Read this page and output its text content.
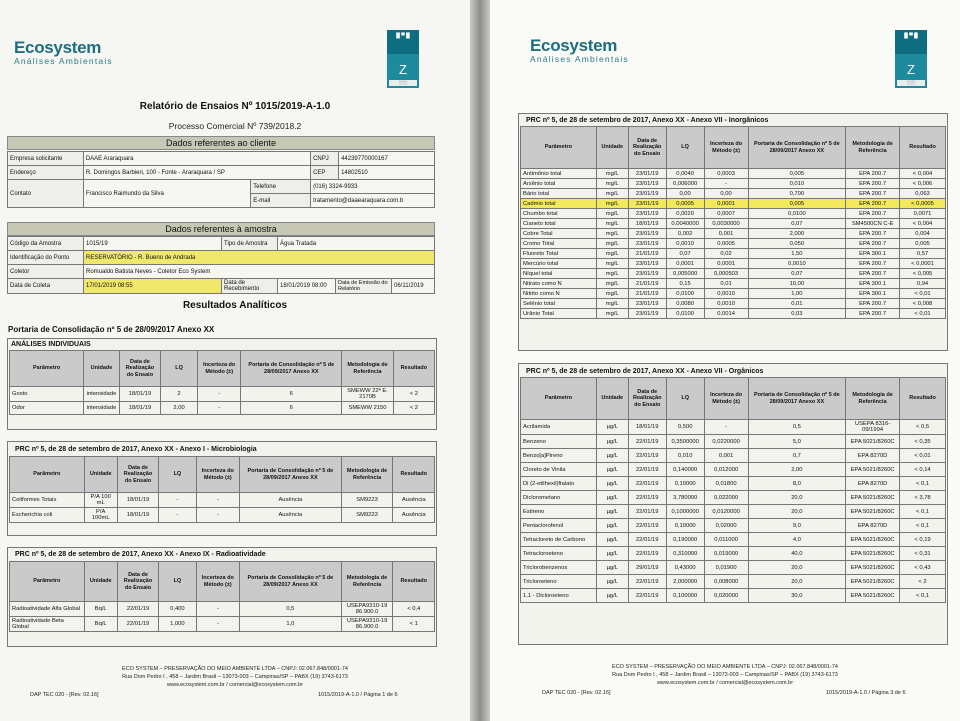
Ecosystem
Análises Ambientais
█ ▀ █
Z
░░░
Relatório de Ensaios Nº 1015/2019-A-1.0
Processo Comercial Nº 739/2018.2
Dados referentes ao cliente
Empresa solicitante	DAAE Araraquara		CNPJ	44239770000167
Endereço	R. Domingos Barbieri, 100 - Fonte - Araraquara / SP		CEP	14802510
Contato	Francisco Raimundo da Silva	Telefone	(016) 3324-9933	
		E-mail	tratamento@daaearaquara.com.b	
Dados referentes à amostra
Código da Amostra	1015/19	Tipo de Amostra	Água Tratada		
Identificação do Ponto	RESERVATÓRIO - R. Bueno de Andrada				
Coletor	Romualdo Batista Neves - Coletor Eco System				
Data de Coleta	17/01/2019 08:55	Data de Recebimento	18/01/2019 08:00	Data de Emissão do Relatório	06/11/2019
Resultados Analíticos
Portaria de Consolidação nº 5 de 28/09/2017 Anexo XX
ANÁLISES INDIVIDUAIS
Parâmetro	Unidade	Data de Realização do Ensaio	LQ	Incerteza do Método (±)	Portaria de Consolidação nº 5 de 28/09/2017 Anexo XX	Metodologia de Referência	Resultado
Gosto	intensidade	18/01/19	2	-	6	SMEWW 22ª E. 2170B	< 2
Odor	intensidade	18/01/19	2,00	-	6	SMEWW 2150	< 2
PRC nº 5, de 28 de setembro de 2017, Anexo XX - Anexo I - Microbiologia
Parâmetro	Unidade	Data de Realização do Ensaio	LQ	Incerteza do Método (±)	Portaria de Consolidação nº 5 de 28/09/2017 Anexo XX	Metodologia de Referência	Resultado
Coliformes Totais	P/A 100 mL	18/01/19	-	-	Ausência	SM9223	Ausência
Escherichia coli	P/A 100mL	18/01/19	-	-	Ausência	SM9223	Ausência
PRC nº 5, de 28 de setembro de 2017, Anexo XX - Anexo IX - Radioatividade
Parâmetro	Unidade	Data de Realização do Ensaio	LQ	Incerteza do Método (±)	Portaria de Consolidação nº 5 de 28/09/2017 Anexo XX	Metodologia de Referência	Resultado
Radioatividade Alfa Global	Bq/L	22/01/19	0,400	-	0,5	USEPA9310-19 86.900.0	< 0,4
Radioatividade Beta Global	Bq/L	22/01/19	1,000	-	1,0	USEPA9310-19 86.900.0	< 1
ECO SYSTEM – PRESERVAÇÃO DO MEIO AMBIENTE LTDA – CNPJ: 02.067.848/0001-74
Rua Dom Pedro I , 458 – Jardim Brasil – 13073-003 – Campinas/SP – PABX (19) 3743-6173
www.ecosystem.com.br / comercial@ecosystem.com.br
DAP TEC 020 - [Rev. 02.16]	1015/2019-A-1.0 / Página 1 de 6
Ecosystem
Análises Ambientais
█ ▀ █
Z
░░░
PRC nº 5, de 28 de setembro de 2017, Anexo XX - Anexo VII - Inorgânicos
Parâmetro	Unidade	Data de Realização do Ensaio	LQ	Incerteza do Método (±)	Portaria de Consolidação nº 5 de 28/09/2017 Anexo XX	Metodologia de Referência	Resultado
Antimônio total	mg/L	23/01/19	0,0040	0,0003	0,005	EPA 200.7	< 0,004
Arsênio total	mg/L	23/01/19	0,006000	-	0,010	EPA 200.7	< 0,006
Bário total	mg/L	23/01/19	0,00	0,00	0,700	EPA 200.7	0,063
Cadmio total	mg/L	23/01/19	0,0005	0,0001	0,005	EPA 200.7	< 0,0005
Chumbo total	mg/L	23/01/19	0,0020	0,0007	0,0100	EPA 200.7	0,0071
Cianeto total	mg/L	18/01/19	0,0040000	0,0030000	0,07	SM4500CN C-E	< 0,004
Cobre Total	mg/L	23/01/19	0,002	0,001	2,000	EPA 200.7	0,004
Cromo Total	mg/L	23/01/19	0,0010	0,0005	0,050	EPA 200.7	0,005
Fluoreto Total	mg/L	21/01/19	0,07	0,02	1,50	EPA 300.1	0,57
Mercúrio total	mg/L	23/01/19	0,0001	0,0001	0,0010	EPA 200.7	< 0,0001
Níquel total	mg/L	23/01/19	0,005000	0,000503	0,07	EPA 200.7	< 0,005
Nitrato como N	mg/L	21/01/19	0,15	0,01	10,00	EPA 300.1	0,94
Nitrito como N	mg/L	21/01/19	0,0100	0,0010	1,00	EPA 300.1	< 0,01
Selênio total	mg/L	23/01/19	0,0080	0,0010	0,01	EPA 200.7	< 0,008
Urânio Total	mg/L	23/01/19	0,0100	0,0014	0,03	EPA 200.7	< 0,01
PRC nº 5, de 28 de setembro de 2017, Anexo XX - Anexo VII - Orgânicos
Parâmetro	Unidade	Data de Realização do Ensaio	LQ	Incerteza do Método (±)	Portaria de Consolidação nº 5 de 28/09/2017 Anexo XX	Metodologia de Referência	Resultado
Acrilamida	µg/L	18/01/19	0,500	-	0,5	USEPA 8316-09/1994	< 0,5
Benzeno	µg/L	22/01/19	0,3500000	0,0220000	5,0	EPA 5021/8260C	< 0,35
Benzo[a]Pireno	µg/L	22/01/19	0,010	0,001	0,7	EPA 8270D	< 0,01
Cloreto de Vinila	µg/L	22/01/19	0,140000	0,012000	2,00	EPA 5021/8260C	< 0,14
Di (2-etilhexil)ftalato	µg/L	22/01/19	0,10000	0,01800	8,0	EPA 8270D	< 0,1
Diclorometano	µg/L	22/01/19	3,780000	0,022000	20,0	EPA 5021/8260C	< 3,78
Estireno	µg/L	22/01/19	0,1000000	0,0120000	20,0	EPA 5021/8260C	< 0,1
Pentaclorofenol	µg/L	22/01/19	0,10000	0,02000	9,0	EPA 8270D	< 0,1
Tetracloreto de Carbono	µg/L	22/01/19	0,190000	0,011000	4,0	EPA 5021/8260C	< 0,19
Tetracloroeteno	µg/L	22/01/19	0,310000	0,019000	40,0	EPA 5021/8260C	< 0,31
Triclorobenzenos	µg/L	29/01/19	0,43000	0,01900	20,0	EPA 5021/8260C	< 0,43
Tricloroeteno	µg/L	22/01/19	2,000000	0,008000	20,0	EPA 5021/8260C	< 2
1,1 - Dicloroeteno	µg/L	22/01/19	0,100000	0,020000	30,0	EPA 5021/8260C	< 0,1
ECO SYSTEM – PRESERVAÇÃO DO MEIO AMBIENTE LTDA – CNPJ: 02.067.848/0001-74
Rua Dom Pedro I , 458 – Jardim Brasil – 13073-003 – Campinas/SP – PABX (19) 3743-6173
www.ecosystem.com.br / comercial@ecosystem.com.br
DAP TEC 020 - [Rev. 02.16]	1015/2019-A-1.0 / Página 3 de 6
